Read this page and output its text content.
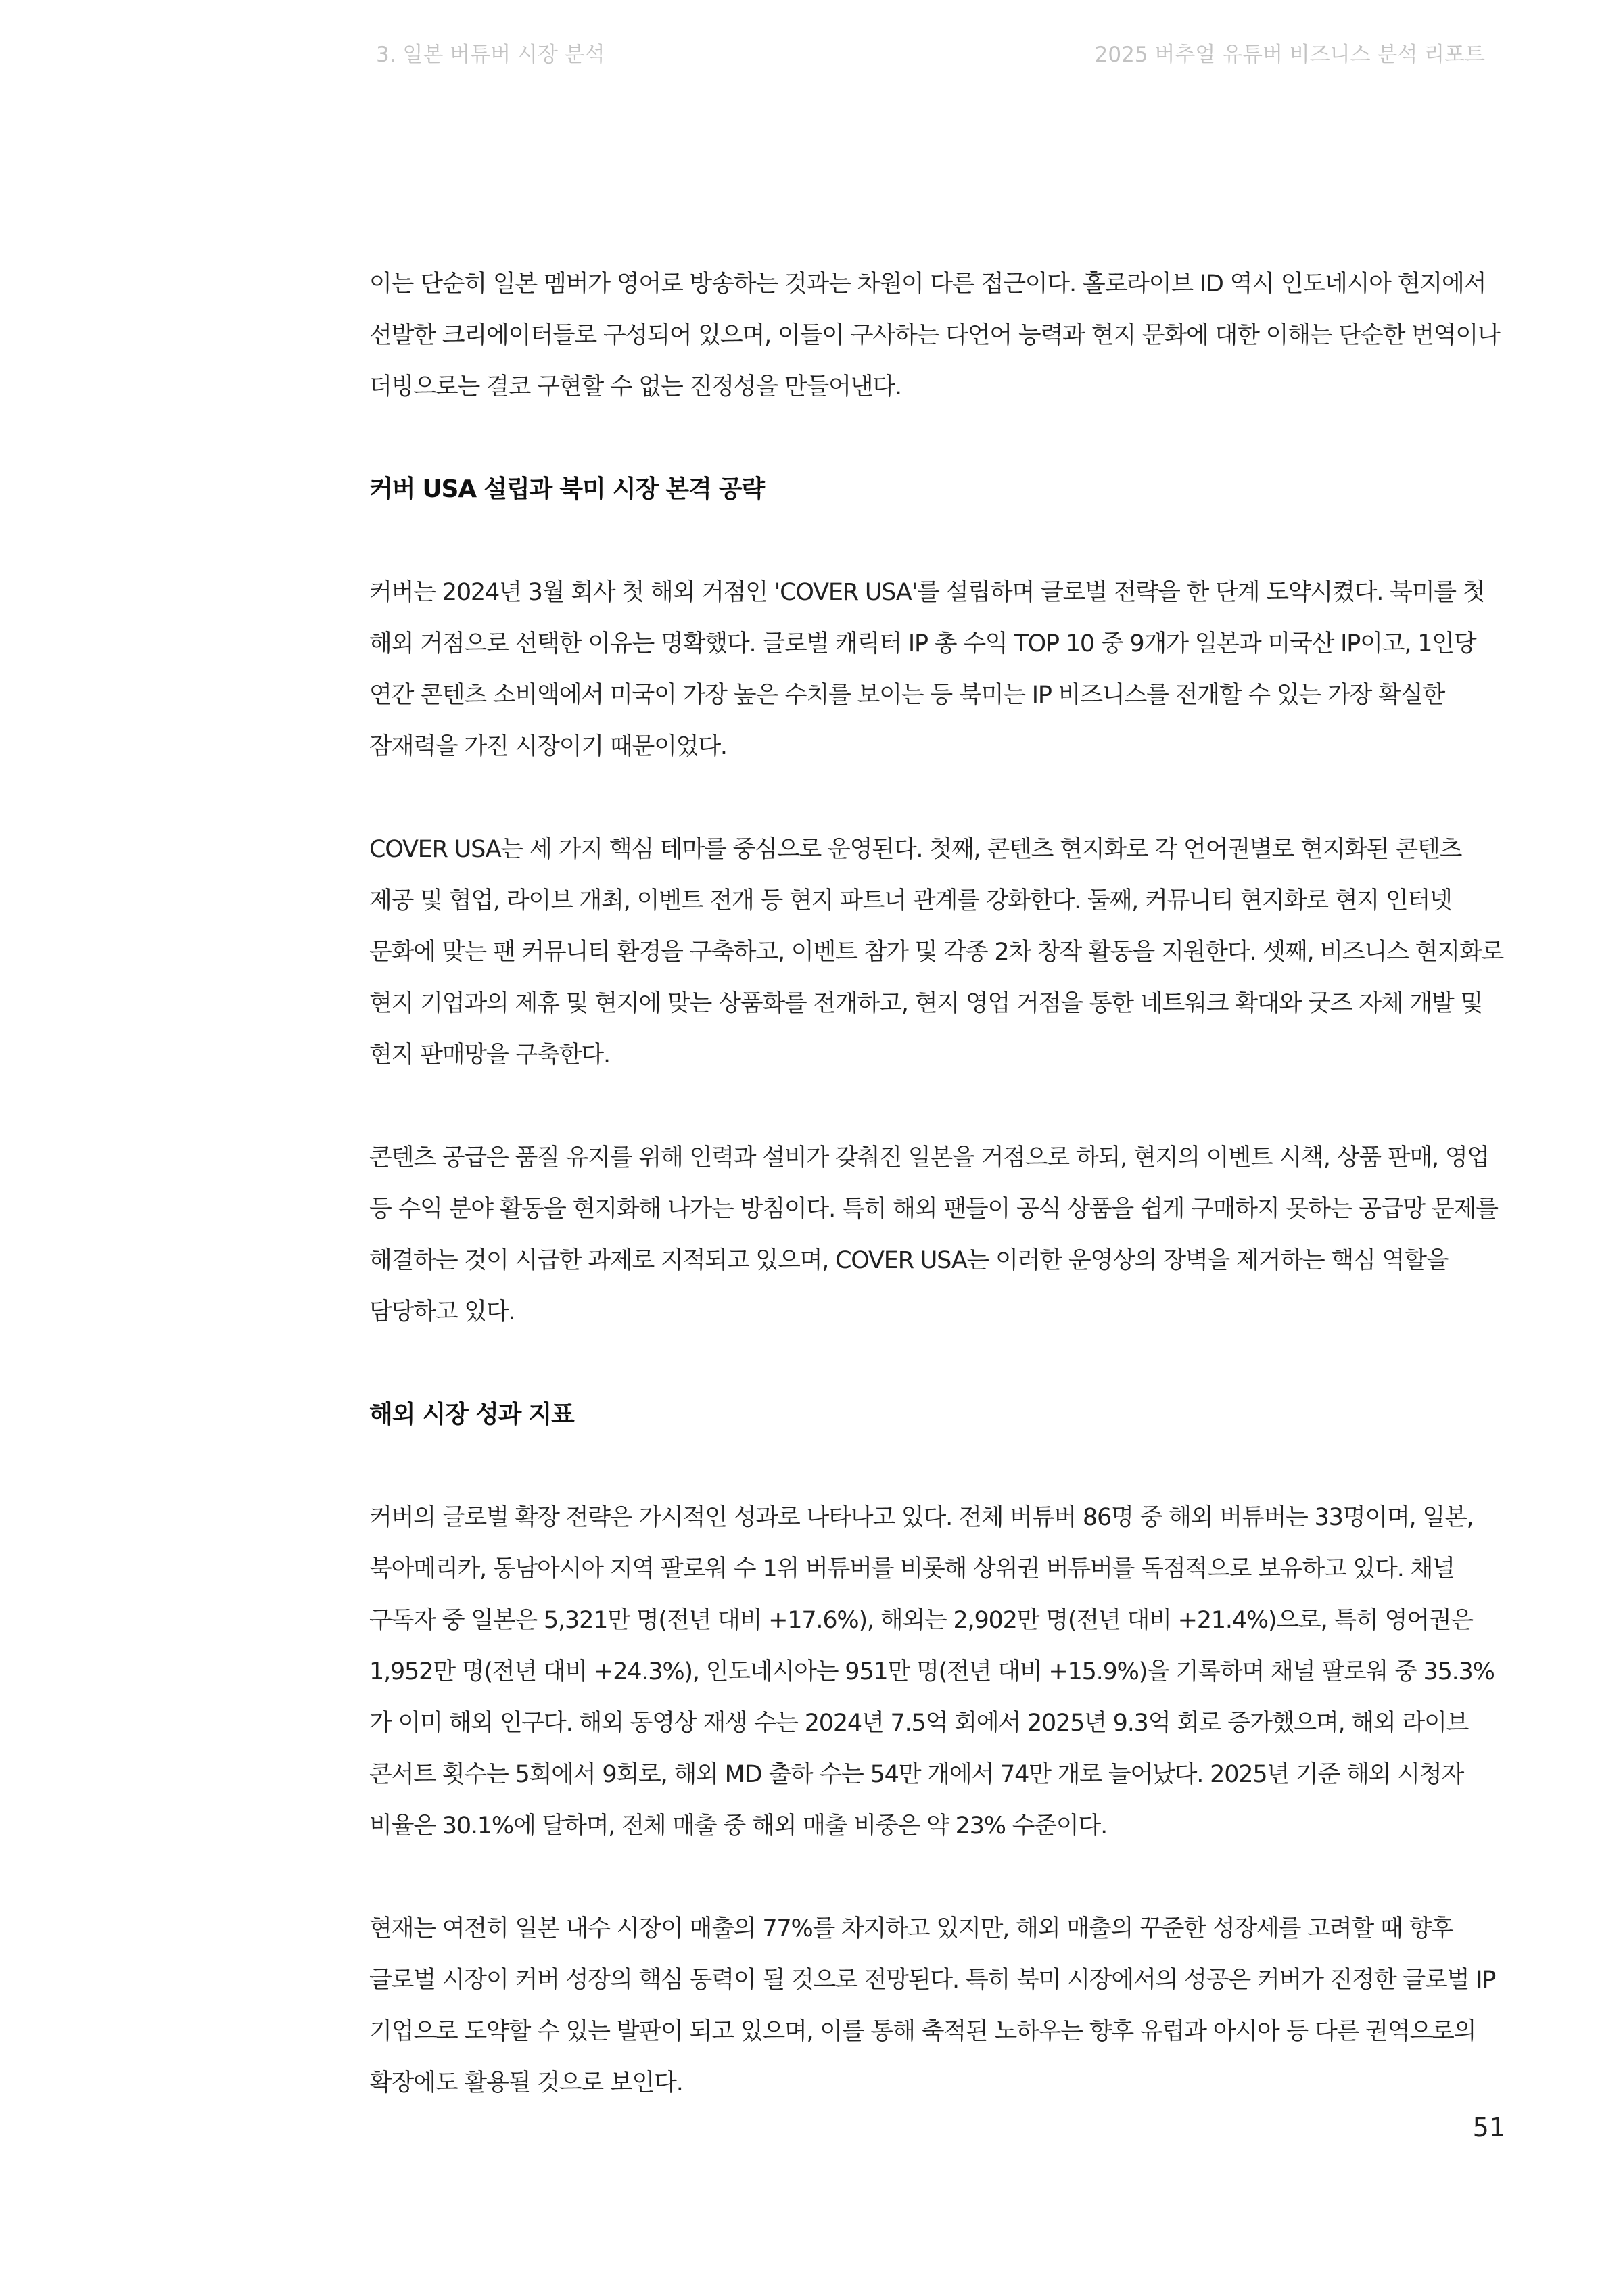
3. 일본 버튜버 시장 분석	2025 버추얼 유튜버 비즈니스 분석 리포트

이는 단순히 일본 멤버가 영어로 방송하는 것과는 차원이 다른 접근이다. 홀로라이브 ID 역시 인도네시아 현지에서 선발한 크리에이터들로 구성되어 있으며, 이들이 구사하는 다언어 능력과 현지 문화에 대한 이해는 단순한 번역이나 더빙으로는 결코 구현할 수 없는 진정성을 만들어낸다.

커버 USA 설립과 북미 시장 본격 공략

커버는 2024년 3월 회사 첫 해외 거점인 'COVER USA'를 설립하며 글로벌 전략을 한 단계 도약시켰다. 북미를 첫 해외 거점으로 선택한 이유는 명확했다. 글로벌 캐릭터 IP 총 수익 TOP 10 중 9개가 일본과 미국산 IP이고, 1인당 연간 콘텐츠 소비액에서 미국이 가장 높은 수치를 보이는 등 북미는 IP 비즈니스를 전개할 수 있는 가장 확실한 잠재력을 가진 시장이기 때문이었다.

COVER USA는 세 가지 핵심 테마를 중심으로 운영된다. 첫째, 콘텐츠 현지화로 각 언어권별로 현지화된 콘텐츠 제공 및 협업, 라이브 개최, 이벤트 전개 등 현지 파트너 관계를 강화한다. 둘째, 커뮤니티 현지화로 현지 인터넷 문화에 맞는 팬 커뮤니티 환경을 구축하고, 이벤트 참가 및 각종 2차 창작 활동을 지원한다. 셋째, 비즈니스 현지화로 현지 기업과의 제휴 및 현지에 맞는 상품화를 전개하고, 현지 영업 거점을 통한 네트워크 확대와 굿즈 자체 개발 및 현지 판매망을 구축한다.

콘텐츠 공급은 품질 유지를 위해 인력과 설비가 갖춰진 일본을 거점으로 하되, 현지의 이벤트 시책, 상품 판매, 영업 등 수익 분야 활동을 현지화해 나가는 방침이다. 특히 해외 팬들이 공식 상품을 쉽게 구매하지 못하는 공급망 문제를 해결하는 것이 시급한 과제로 지적되고 있으며, COVER USA는 이러한 운영상의 장벽을 제거하는 핵심 역할을 담당하고 있다.

해외 시장 성과 지표

커버의 글로벌 확장 전략은 가시적인 성과로 나타나고 있다. 전체 버튜버 86명 중 해외 버튜버는 33명이며, 일본, 북아메리카, 동남아시아 지역 팔로워 수 1위 버튜버를 비롯해 상위권 버튜버를 독점적으로 보유하고 있다. 채널 구독자 중 일본은 5,321만 명(전년 대비 +17.6%), 해외는 2,902만 명(전년 대비 +21.4%)으로, 특히 영어권은 1,952만 명(전년 대비 +24.3%), 인도네시아는 951만 명(전년 대비 +15.9%)을 기록하며 채널 팔로워 중 35.3%가 이미 해외 인구다. 해외 동영상 재생 수는 2024년 7.5억 회에서 2025년 9.3억 회로 증가했으며, 해외 라이브 콘서트 횟수는 5회에서 9회로, 해외 MD 출하 수는 54만 개에서 74만 개로 늘어났다. 2025년 기준 해외 시청자 비율은 30.1%에 달하며, 전체 매출 중 해외 매출 비중은 약 23% 수준이다.

현재는 여전히 일본 내수 시장이 매출의 77%를 차지하고 있지만, 해외 매출의 꾸준한 성장세를 고려할 때 향후 글로벌 시장이 커버 성장의 핵심 동력이 될 것으로 전망된다. 특히 북미 시장에서의 성공은 커버가 진정한 글로벌 IP 기업으로 도약할 수 있는 발판이 되고 있으며, 이를 통해 축적된 노하우는 향후 유럽과 아시아 등 다른 권역으로의 확장에도 활용될 것으로 보인다.

51
